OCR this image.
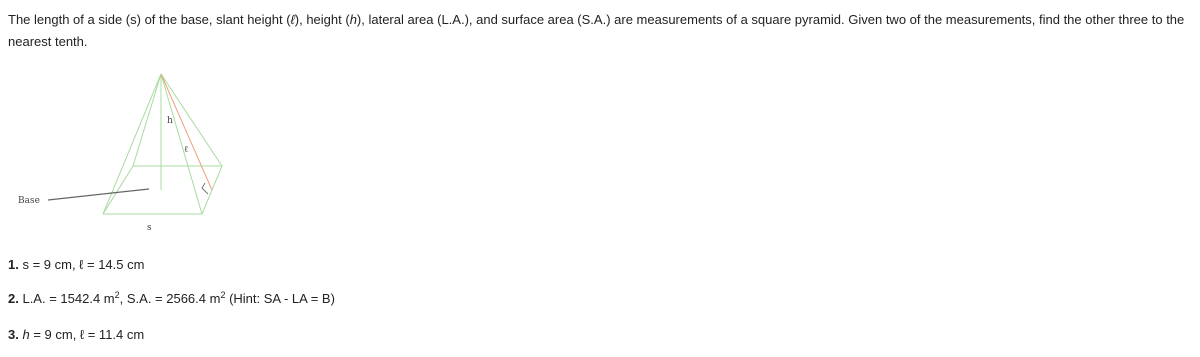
The length of a side (s) of the base, slant height (ℓ), height (h), lateral area (L.A.), and surface area (S.A.) are measurements of a square pyramid. Given two of the measurements, find the other three to the nearest tenth.
Base
s
h
ℓ
1. s = 9 cm, ℓ = 14.5 cm
2. L.A. = 1542.4 $m^2$, S.A. = 2566.4 $m^2$ (Hint: SA - LA = B)
3. h = 9 cm, ℓ = 11.4 cm
